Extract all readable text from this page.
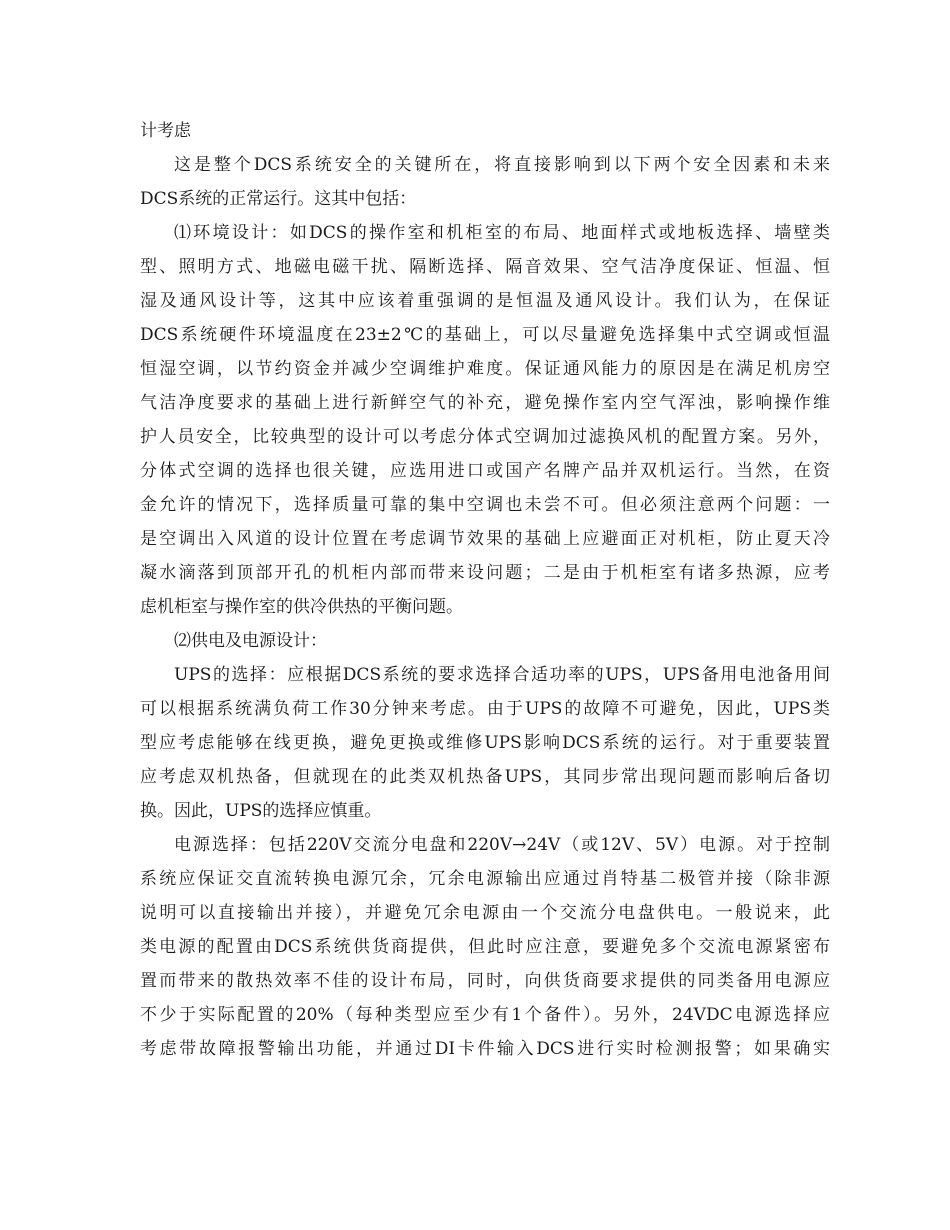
计考虑
这是整个DCS系统安全的关键所在，将直接影响到以下两个安全因素和未来
DCS系统的正常运行。这其中包括：
⑴环境设计：如DCS的操作室和机柜室的布局、地面样式或地板选择、墙壁类
型、照明方式、地磁电磁干扰、隔断选择、隔音效果、空气洁净度保证、恒温、恒
湿及通风设计等，这其中应该着重强调的是恒温及通风设计。我们认为，在保证
DCS系统硬件环境温度在23±2℃的基础上，可以尽量避免选择集中式空调或恒温
恒湿空调，以节约资金并减少空调维护难度。保证通风能力的原因是在满足机房空
气洁净度要求的基础上进行新鲜空气的补充，避免操作室内空气浑浊，影响操作维
护人员安全，比较典型的设计可以考虑分体式空调加过滤换风机的配置方案。另外，
分体式空调的选择也很关键，应选用进口或国产名牌产品并双机运行。当然，在资
金允许的情况下，选择质量可靠的集中空调也未尝不可。但必须注意两个问题：一
是空调出入风道的设计位置在考虑调节效果的基础上应避面正对机柜，防止夏天冷
凝水滴落到顶部开孔的机柜内部而带来设问题；二是由于机柜室有诸多热源，应考
虑机柜室与操作室的供冷供热的平衡问题。
⑵供电及电源设计：
UPS的选择：应根据DCS系统的要求选择合适功率的UPS，UPS备用电池备用间
可以根据系统满负荷工作30分钟来考虑。由于UPS的故障不可避免，因此，UPS类
型应考虑能够在线更换，避免更换或维修UPS影响DCS系统的运行。对于重要装置
应考虑双机热备，但就现在的此类双机热备UPS，其同步常出现问题而影响后备切
换。因此，UPS的选择应慎重。
电源选择：包括220V交流分电盘和220V→24V（或12V、5V）电源。对于控制
系统应保证交直流转换电源冗余，冗余电源输出应通过肖特基二极管并接（除非源
说明可以直接输出并接），并避免冗余电源由一个交流分电盘供电。一般说来，此
类电源的配置由DCS系统供货商提供，但此时应注意，要避免多个交流电源紧密布
置而带来的散热效率不佳的设计布局，同时，向供货商要求提供的同类备用电源应
不少于实际配置的20%（每种类型应至少有1个备件）。另外，24VDC电源选择应
考虑带故障报警输出功能，并通过DI卡件输入DCS进行实时检测报警；如果确实
